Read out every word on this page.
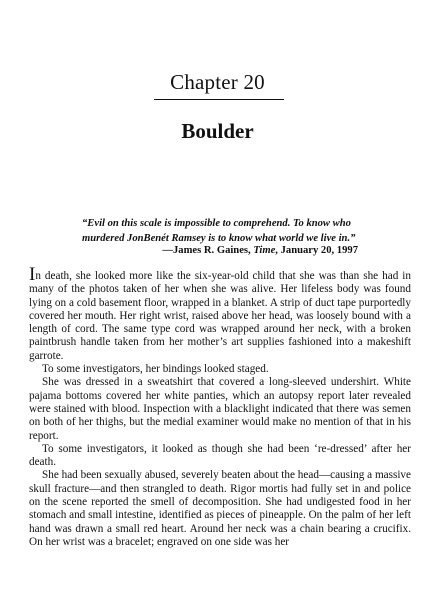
Chapter 20
Boulder
“Evil on this scale is impossible to comprehend. To know who murdered JonBenét Ramsey is to know what world we live in.”
—James R. Gaines, Time, January 20, 1997

In death, she looked more like the six-year-old child that she was than she had in many of the photos taken of her when she was alive. Her lifeless body was found lying on a cold basement floor, wrapped in a blanket. A strip of duct tape purportedly covered her mouth. Her right wrist, raised above her head, was loosely bound with a length of cord. The same type cord was wrapped around her neck, with a broken paintbrush handle taken from her mother’s art supplies fashioned into a makeshift garrote.

To some investigators, her bindings looked staged.

She was dressed in a sweatshirt that covered a long-sleeved undershirt. White pajama bottoms covered her white panties, which an autopsy report later revealed were stained with blood. Inspection with a blacklight indicated that there was semen on both of her thighs, but the medial examiner would make no mention of that in his report.

To some investigators, it looked as though she had been ‘re-dressed’ after her death.

She had been sexually abused, severely beaten about the head—causing a massive skull fracture—and then strangled to death. Rigor mortis had fully set in and police on the scene reported the smell of decomposition. She had undigested food in her stomach and small intestine, identified as pieces of pineapple. On the palm of her left hand was drawn a small red heart. Around her neck was a chain bearing a crucifix. On her wrist was a bracelet; engraved on one side was her
